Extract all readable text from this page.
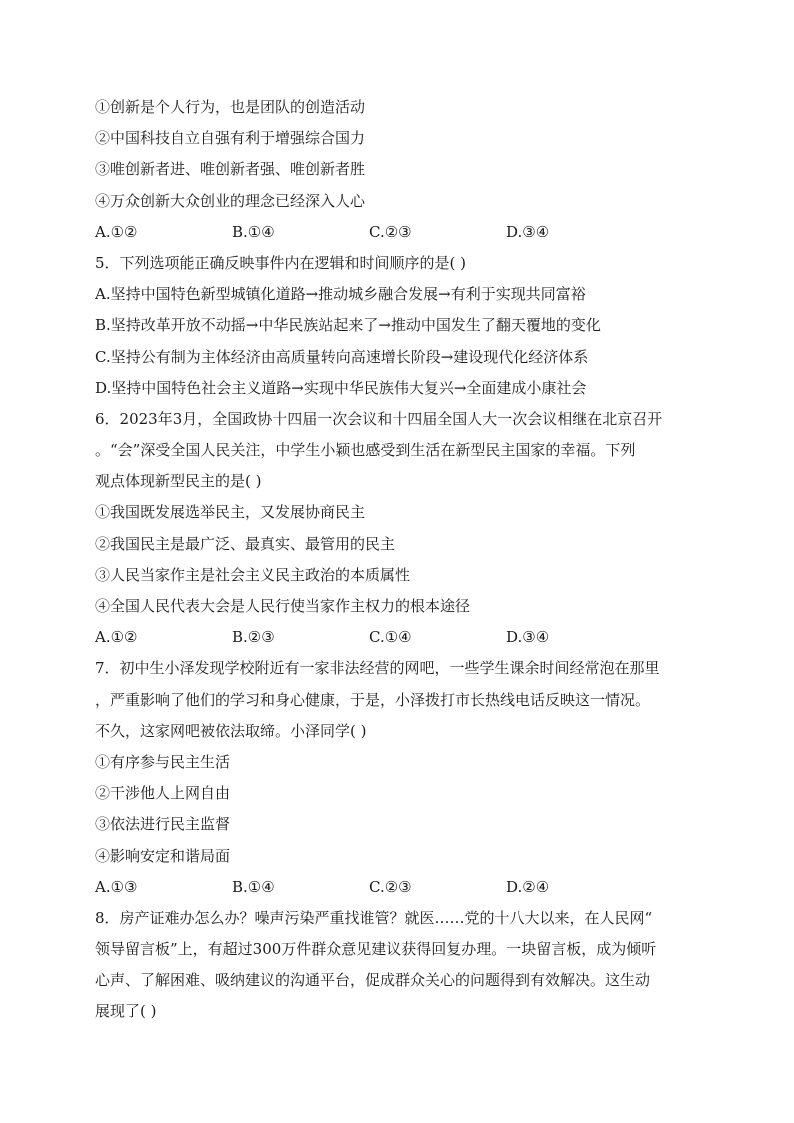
①创新是个人行为，也是团队的创造活动
②中国科技自立自强有利于增强综合国力
③唯创新者进、唯创新者强、唯创新者胜
④万众创新大众创业的理念已经深入人心
A.①②	B.①④	C.②③	D.③④
5．下列选项能正确反映事件内在逻辑和时间顺序的是( )
A.坚持中国特色新型城镇化道路→推动城乡融合发展→有利于实现共同富裕
B.坚持改革开放不动摇→中华民族站起来了→推动中国发生了翻天覆地的变化
C.坚持公有制为主体经济由高质量转向高速增长阶段→建设现代化经济体系
D.坚持中国特色社会主义道路→实现中华民族伟大复兴→全面建成小康社会
6．2023年3月，全国政协十四届一次会议和十四届全国人大一次会议相继在北京召开
。“会”深受全国人民关注，中学生小颖也感受到生活在新型民主国家的幸福。下列
观点体现新型民主的是( )
①我国既发展选举民主，又发展协商民主
②我国民主是最广泛、最真实、最管用的民主
③人民当家作主是社会主义民主政治的本质属性
④全国人民代表大会是人民行使当家作主权力的根本途径
A.①②	B.②③	C.①④	D.③④
7．初中生小泽发现学校附近有一家非法经营的网吧，一些学生课余时间经常泡在那里
，严重影响了他们的学习和身心健康，于是，小泽拨打市长热线电话反映这一情况。
不久，这家网吧被依法取缔。小泽同学( )
①有序参与民主生活
②干涉他人上网自由
③依法进行民主监督
④影响安定和谐局面
A.①③	B.①④	C.②③	D.②④
8．房产证难办怎么办？噪声污染严重找谁管？就医……党的十八大以来，在人民网“
领导留言板”上，有超过300万件群众意见建议获得回复办理。一块留言板，成为倾听
心声、了解困难、吸纳建议的沟通平台，促成群众关心的问题得到有效解决。这生动
展现了( )
